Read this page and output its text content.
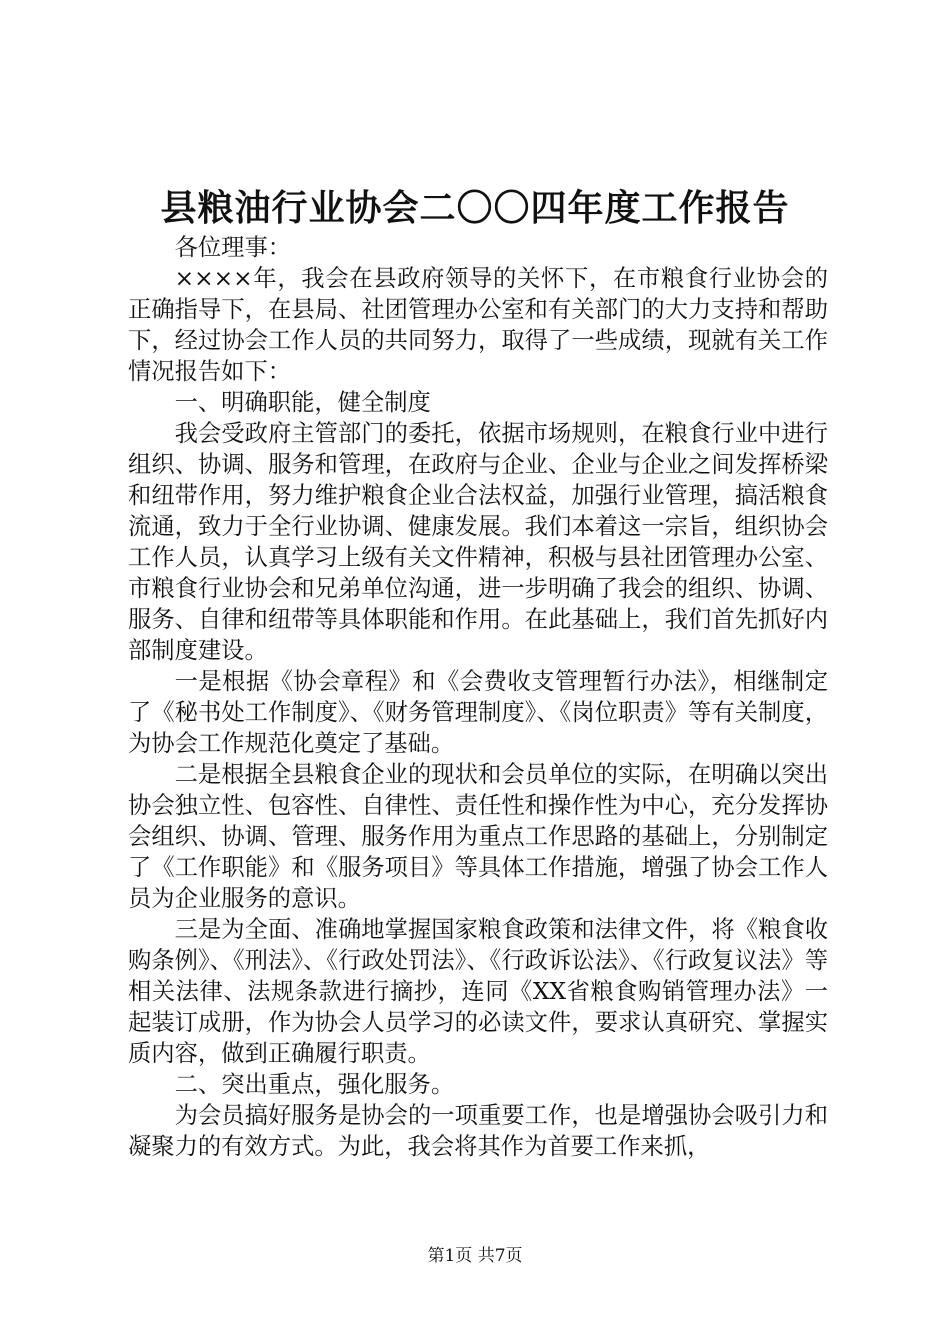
县粮油行业协会二〇〇四年度工作报告

各位理事：

××××年，我会在县政府领导的关怀下，在市粮食行业协会的正确指导下，在县局、社团管理办公室和有关部门的大力支持和帮助下，经过协会工作人员的共同努力，取得了一些成绩，现就有关工作情况报告如下：

一、明确职能，健全制度

我会受政府主管部门的委托，依据市场规则，在粮食行业中进行组织、协调、服务和管理，在政府与企业、企业与企业之间发挥桥梁和纽带作用，努力维护粮食企业合法权益，加强行业管理，搞活粮食流通，致力于全行业协调、健康发展。我们本着这一宗旨，组织协会工作人员，认真学习上级有关文件精神，积极与县社团管理办公室、市粮食行业协会和兄弟单位沟通，进一步明确了我会的组织、协调、服务、自律和纽带等具体职能和作用。在此基础上，我们首先抓好内部制度建设。

一是根据《协会章程》和《会费收支管理暂行办法》，相继制定了《秘书处工作制度》、《财务管理制度》、《岗位职责》等有关制度，为协会工作规范化奠定了基础。

二是根据全县粮食企业的现状和会员单位的实际，在明确以突出协会独立性、包容性、自律性、责任性和操作性为中心，充分发挥协会组织、协调、管理、服务作用为重点工作思路的基础上，分别制定了《工作职能》和《服务项目》等具体工作措施，增强了协会工作人员为企业服务的意识。

三是为全面、准确地掌握国家粮食政策和法律文件，将《粮食收购条例》、《刑法》、《行政处罚法》、《行政诉讼法》、《行政复议法》等相关法律、法规条款进行摘抄，连同《XX省粮食购销管理办法》一起装订成册，作为协会人员学习的必读文件，要求认真研究、掌握实质内容，做到正确履行职责。

二、突出重点，强化服务。

为会员搞好服务是协会的一项重要工作，也是增强协会吸引力和凝聚力的有效方式。为此，我会将其作为首要工作来抓，

第1页 共7页
